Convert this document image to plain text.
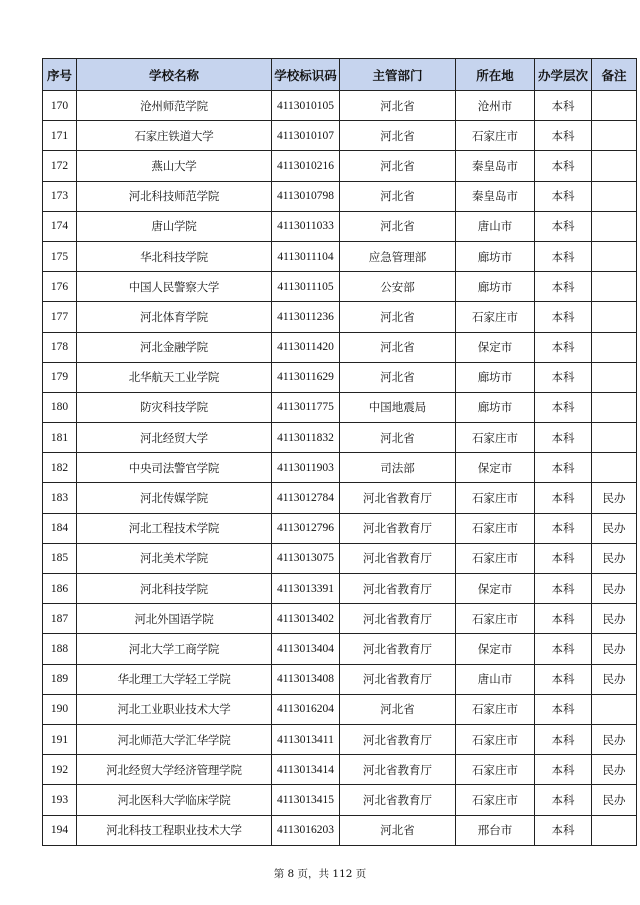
序号	学校名称	学校标识码	主管部门	所在地	办学层次	备注
170	沧州师范学院	4113010105	河北省	沧州市	本科	
171	石家庄铁道大学	4113010107	河北省	石家庄市	本科	
172	燕山大学	4113010216	河北省	秦皇岛市	本科	
173	河北科技师范学院	4113010798	河北省	秦皇岛市	本科	
174	唐山学院	4113011033	河北省	唐山市	本科	
175	华北科技学院	4113011104	应急管理部	廊坊市	本科	
176	中国人民警察大学	4113011105	公安部	廊坊市	本科	
177	河北体育学院	4113011236	河北省	石家庄市	本科	
178	河北金融学院	4113011420	河北省	保定市	本科	
179	北华航天工业学院	4113011629	河北省	廊坊市	本科	
180	防灾科技学院	4113011775	中国地震局	廊坊市	本科	
181	河北经贸大学	4113011832	河北省	石家庄市	本科	
182	中央司法警官学院	4113011903	司法部	保定市	本科	
183	河北传媒学院	4113012784	河北省教育厅	石家庄市	本科	民办
184	河北工程技术学院	4113012796	河北省教育厅	石家庄市	本科	民办
185	河北美术学院	4113013075	河北省教育厅	石家庄市	本科	民办
186	河北科技学院	4113013391	河北省教育厅	保定市	本科	民办
187	河北外国语学院	4113013402	河北省教育厅	石家庄市	本科	民办
188	河北大学工商学院	4113013404	河北省教育厅	保定市	本科	民办
189	华北理工大学轻工学院	4113013408	河北省教育厅	唐山市	本科	民办
190	河北工业职业技术大学	4113016204	河北省	石家庄市	本科	
191	河北师范大学汇华学院	4113013411	河北省教育厅	石家庄市	本科	民办
192	河北经贸大学经济管理学院	4113013414	河北省教育厅	石家庄市	本科	民办
193	河北医科大学临床学院	4113013415	河北省教育厅	石家庄市	本科	民办
194	河北科技工程职业技术大学	4113016203	河北省	邢台市	本科	
第 8 页，共 112 页
